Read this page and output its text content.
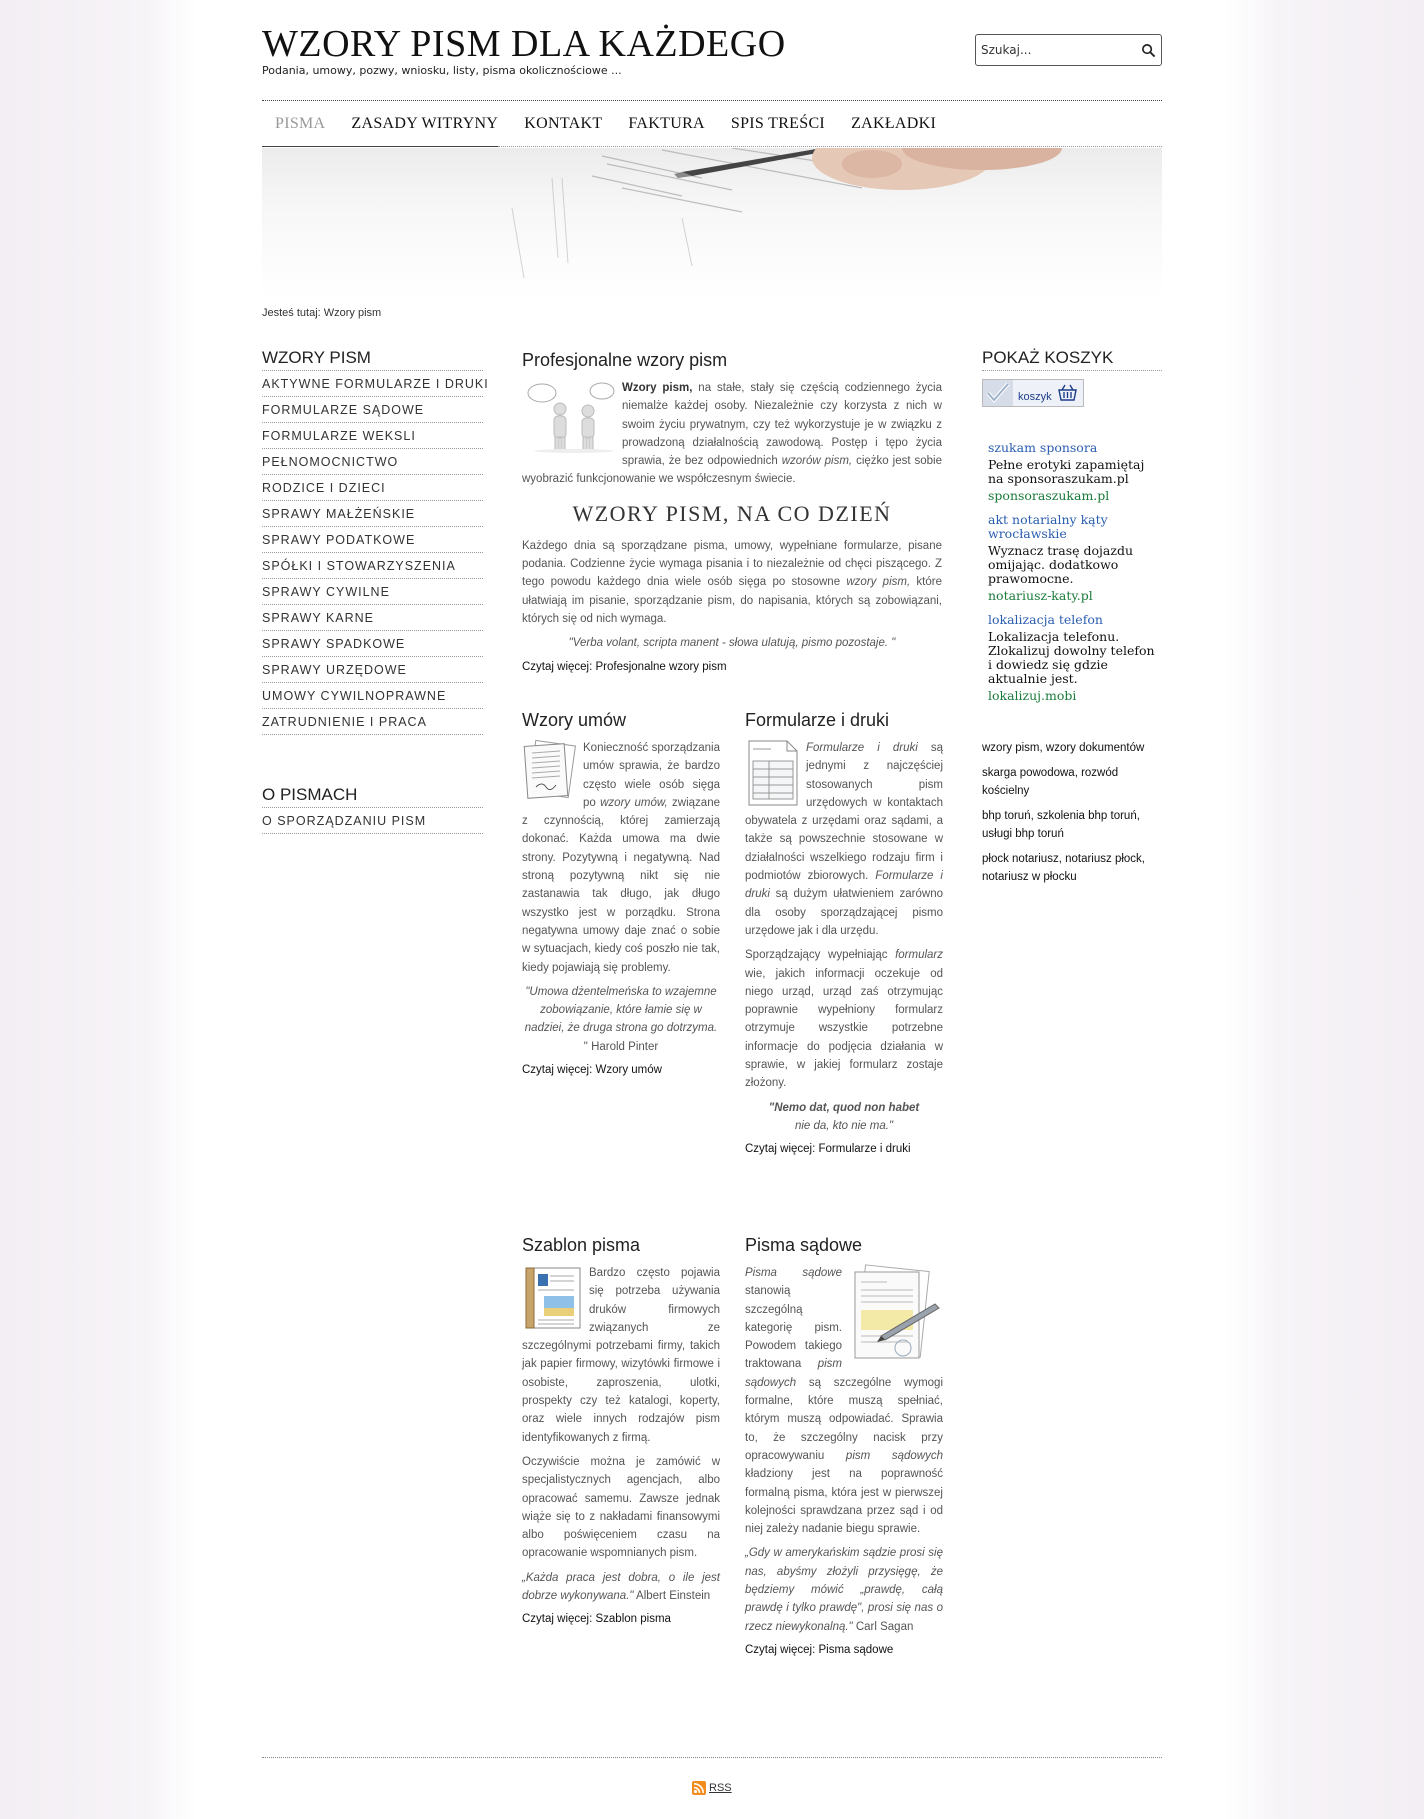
WZORY PISM DLA KAŻDEGO
Podania, umowy, pozwy, wniosku, listy, pisma okolicznościowe ...
Szukaj...
PISMA	ZASADY WITRYNY	KONTAKT	FAKTURA	SPIS TREŚCI	ZAKŁADKI
Jesteś tutaj: Wzory pism
WZORY PISM
AKTYWNE FORMULARZE I DRUKI
FORMULARZE SĄDOWE
FORMULARZE WEKSLI
PEŁNOMOCNICTWO
RODZICE I DZIECI
SPRAWY MAŁŻEŃSKIE
SPRAWY PODATKOWE
SPÓŁKI I STOWARZYSZENIA
SPRAWY CYWILNE
SPRAWY KARNE
SPRAWY SPADKOWE
SPRAWY URZĘDOWE
UMOWY CYWILNOPRAWNE
ZATRUDNIENIE I PRACA
O PISMACH
O SPORZĄDZANIU PISM
Profesjonalne wzory pism
Wzory pism, na stałe, stały się częścią codziennego życia niemalże każdej osoby. Niezależnie czy korzysta z nich w swoim życiu prywatnym, czy też wykorzystuje je w związku z prowadzoną działalnością zawodową. Postęp i tępo życia sprawia, że bez odpowiednich wzorów pism, ciężko jest sobie wyobrazić funkcjonowanie we współczesnym świecie.
WZORY PISM, NA CO DZIEŃ
Każdego dnia są sporządzane pisma, umowy, wypełniane formularze, pisane podania. Codzienne życie wymaga pisania i to niezależnie od chęci piszącego. Z tego powodu każdego dnia wiele osób sięga po stosowne wzory pism, które ułatwiają im pisanie, sporządzanie pism, do napisania, których są zobowiązani, których się od nich wymaga.
"Verba volant, scripta manent - słowa ulatują, pismo pozostaje. "
Czytaj więcej: Profesjonalne wzory pism
Wzory umów
Konieczność sporządzania umów sprawia, że bardzo często wiele osób sięga po wzory umów, związane z czynnością, której zamierzają dokonać. Każda umowa ma dwie strony. Pozytywną i negatywną. Nad stroną pozytywną nikt się nie zastanawia tak długo, jak długo wszystko jest w porządku. Strona negatywna umowy daje znać o sobie w sytuacjach, kiedy coś poszło nie tak, kiedy pojawiają się problemy.
"Umowa dżentelmeńska to wzajemne zobowiązanie, które łamie się w nadziei, że druga strona go dotrzyma. " Harold Pinter
Czytaj więcej: Wzory umów
Formularze i druki
Formularze i druki są jednymi z najczęściej stosowanych pism urzędowych w kontaktach obywatela z urzędami oraz sądami, a także są powszechnie stosowane w działalności wszelkiego rodzaju firm i podmiotów zbiorowych. Formularze i druki są dużym ułatwieniem zarówno dla osoby sporządzającej pismo urzędowe jak i dla urzędu.
Sporządzający wypełniając formularz wie, jakich informacji oczekuje od niego urząd, urząd zaś otrzymując poprawnie wypełniony formularz otrzymuje wszystkie potrzebne informacje do podjęcia działania w sprawie, w jakiej formularz zostaje złożony.
"Nemo dat, quod non habet
nie da, kto nie ma."
Czytaj więcej: Formularze i druki
Szablon pisma
Bardzo często pojawia się potrzeba używania druków firmowych związanych ze szczególnymi potrzebami firmy, takich jak papier firmowy, wizytówki firmowe i osobiste, zaproszenia, ulotki, prospekty czy też katalogi, koperty, oraz wiele innych rodzajów pism identyfikowanych z firmą.
Oczywiście można je zamówić w specjalistycznych agencjach, albo opracować samemu. Zawsze jednak wiąże się to z nakładami finansowymi albo poświęceniem czasu na opracowanie wspomnianych pism.
„Każda praca jest dobra, o ile jest dobrze wykonywana." Albert Einstein
Czytaj więcej: Szablon pisma
Pisma sądowe
Pisma sądowe stanowią szczególną kategorię pism. Powodem takiego traktowana pism sądowych są szczególne wymogi formalne, które muszą spełniać, którym muszą odpowiadać. Sprawia to, że szczególny nacisk przy opracowywaniu pism sądowych kładziony jest na poprawność formalną pisma, która jest w pierwszej kolejności sprawdzana przez sąd i od niej zależy nadanie biegu sprawie.
„Gdy w amerykańskim sądzie prosi się nas, abyśmy złożyli przysięgę, że będziemy mówić „prawdę, całą prawdę i tylko prawdę", prosi się nas o rzecz niewykonalną." Carl Sagan
Czytaj więcej: Pisma sądowe
POKAŻ KOSZYK
koszyk
szukam sponsora
Pełne erotyki zapamiętaj na sponsoraszukam.pl
sponsoraszukam.pl
akt notarialny kąty wrocławskie
Wyznacz trasę dojazdu omijając. dodatkowo prawomocne.
notariusz-katy.pl
lokalizacja telefon
Lokalizacja telefonu. Zlokalizuj dowolny telefon i dowiedz się gdzie aktualnie jest.
lokalizuj.mobi
wzory pism, wzory dokumentów
skarga powodowa, rozwód kościelny
bhp toruń, szkolenia bhp toruń, usługi bhp toruń
płock notariusz, notariusz płock, notariusz w płocku
RSS
